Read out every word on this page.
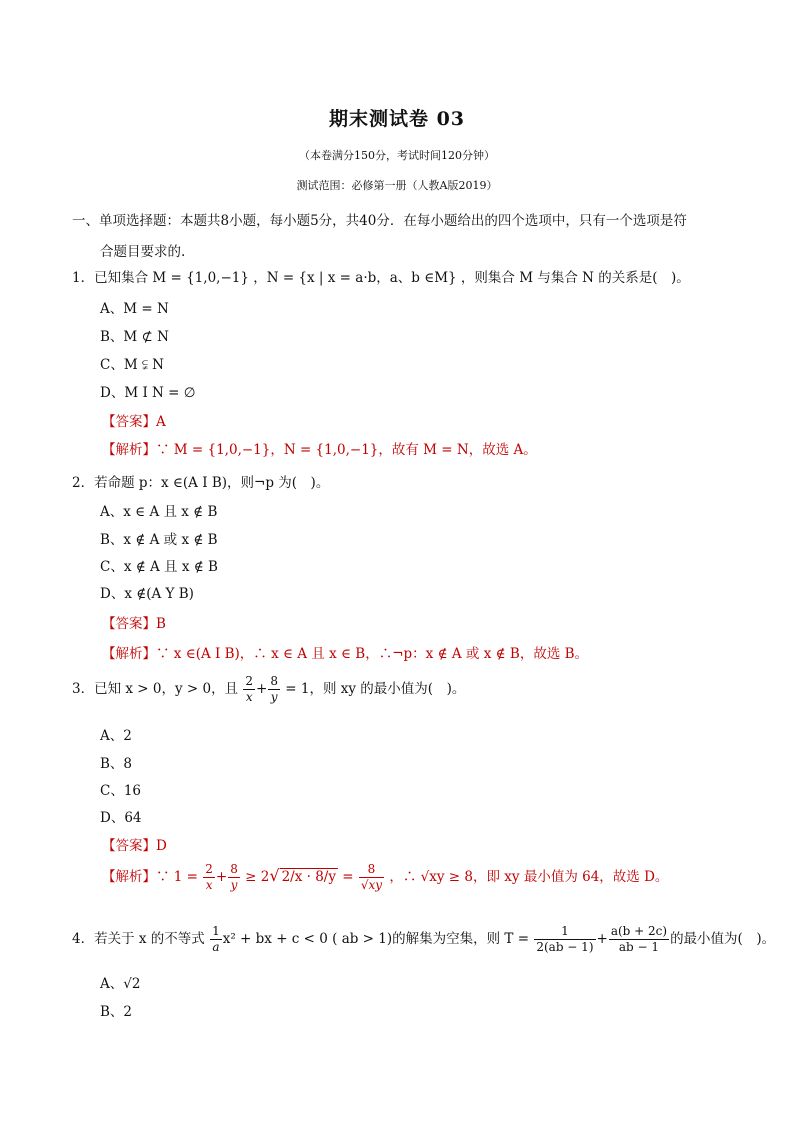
期末测试卷 03
（本卷满分150分，考试时间120分钟）
测试范围：必修第一册（人教A版2019）
一、单项选择题：本题共8小题，每小题5分，共40分．在每小题给出的四个选项中，只有一个选项是符
合题目要求的.
1．已知集合 M = {1,0,−1} ，N = {x | x = a·b，a、b ∈M} ，则集合 M 与集合 N 的关系是(　)。
A、M = N
B、M ⊄ N
C、M ⫋ N
D、M I N = ∅
【答案】A
【解析】∵ M = {1,0,−1}，N = {1,0,−1}，故有 M = N，故选 A。
2．若命题 p：x ∈(A I B)，则¬p 为(　)。
A、x ∈ A 且 x ∉ B
B、x ∉ A 或 x ∉ B
C、x ∉ A 且 x ∉ B
D、x ∉(A Y B)
【答案】B
【解析】∵ x ∈(A I B)，∴ x ∈ A 且 x ∈ B，∴¬p：x ∉ A 或 x ∉ B，故选 B。
3．已知 x > 0，y > 0，且 $\frac{2}{x} + \frac{8}{y} = 1$，则 xy 的最小值为(　)。
A、2
B、8
C、16
D、64
【答案】D
【解析】∵ $1 = \frac{2}{x} + \frac{8}{y} \ge 2√$ $2/x \cdot 8/y = \frac{8}{√xy}$ ，∴ √xy ≥ 8，即 xy 最小值为 64，故选 D。
4．若关于 x 的不等式 $\frac{1}{a} x^2$ + bx + c < 0 ( ab > 1)的解集为空集，则 $T = \frac{1}{2(ab - 1)} + \frac{a(b + 2c)}{ab - 1}$ 的最小值为(　)。
A、√2
B、2
